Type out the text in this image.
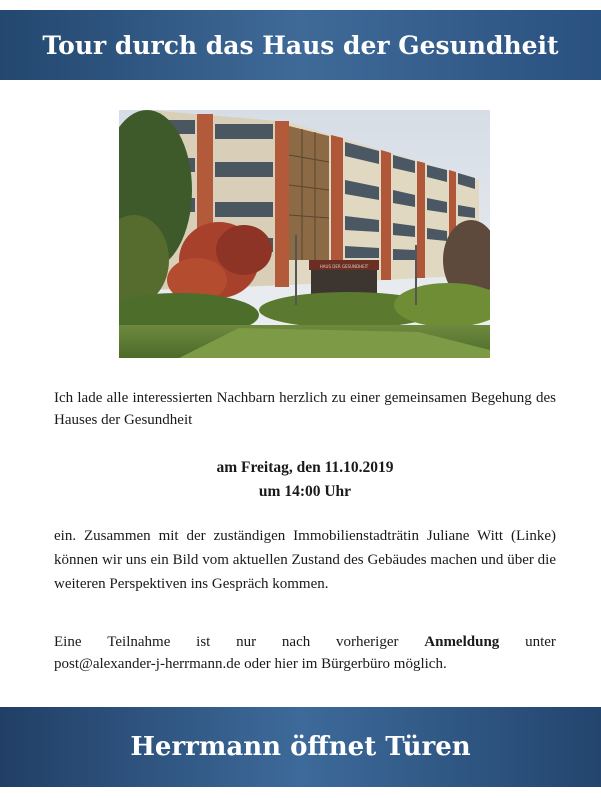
Tour durch das Haus der Gesundheit
HAUS DER GESUNDHEIT

Ich lade alle interessierten Nachbarn herzlich zu einer gemeinsamen Begehung des Hauses der Gesundheit

am Freitag, den 11.10.2019
um 14:00 Uhr

ein. Zusammen mit der zuständigen Immobilienstadträtin Juliane Witt (Linke) können wir uns ein Bild vom aktuellen Zustand des Gebäudes machen und über die weiteren Perspektiven ins Gespräch kommen.

Eine Teilnahme ist nur nach vorheriger Anmeldung unter
post@alexander-j-herrmann.de oder hier im Bürgerbüro möglich.
Herrmann öffnet Türen
